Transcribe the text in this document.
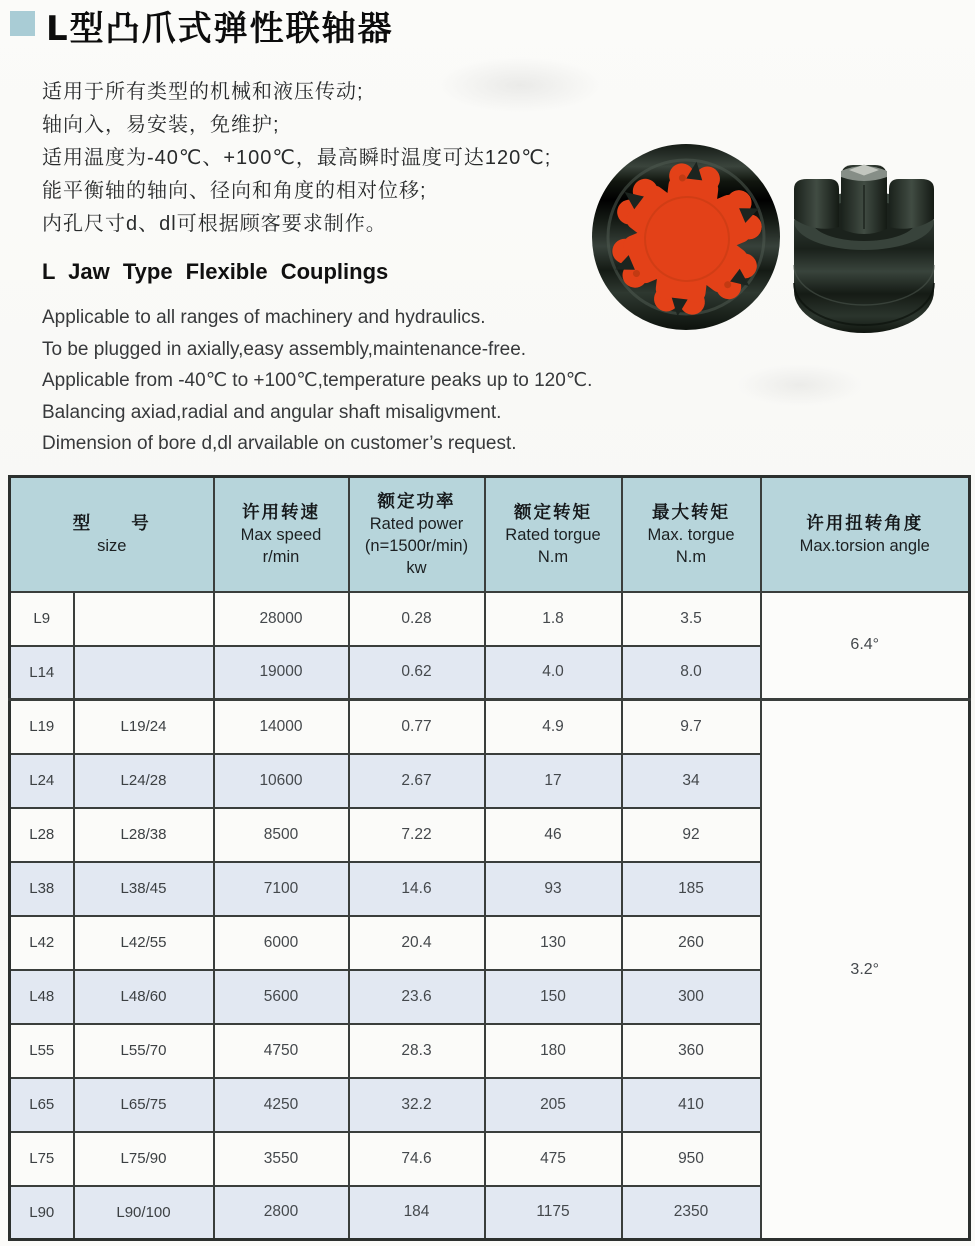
L型凸爪式弹性联轴器

适用于所有类型的机械和液压传动;

轴向入，易安装，免维护;

适用温度为-40℃、+100℃，最高瞬时温度可达120℃;

能平衡轴的轴向、径向和角度的相对位移;

内孔尺寸d、dl可根据顾客要求制作。

L Jaw Type Flexible Couplings

Applicable to all ranges of machinery and hydraulics.

To be plugged in axially,easy assembly,maintenance-free.

Applicable from -40℃ to +100℃,temperature peaks up to 120℃.

Balancing axiad,radial and angular shaft misaligvment.

Dimension of bore d,dl arvailable on customer’s request.

型　　号
size

许用转速
Max speed
r/min

额定功率
Rated power
(n=1500r/min)
kw

额定转矩
Rated torgue
N.m

最大转矩
Max. torgue
N.m

许用扭转角度
Max.torsion angle

L9		28000	0.28	1.8	3.5	6.4°
L14		19000	0.62	4.0	8.0	
L19	L19/24	14000	0.77	4.9	9.7	3.2°
L24	L24/28	10600	2.67	17	34	
L28	L28/38	8500	7.22	46	92	
L38	L38/45	7100	14.6	93	185	
L42	L42/55	6000	20.4	130	260	
L48	L48/60	5600	23.6	150	300	
L55	L55/70	4750	28.3	180	360	
L65	L65/75	4250	32.2	205	410	
L75	L75/90	3550	74.6	475	950	
L90	L90/100	2800	184	1175	2350	
